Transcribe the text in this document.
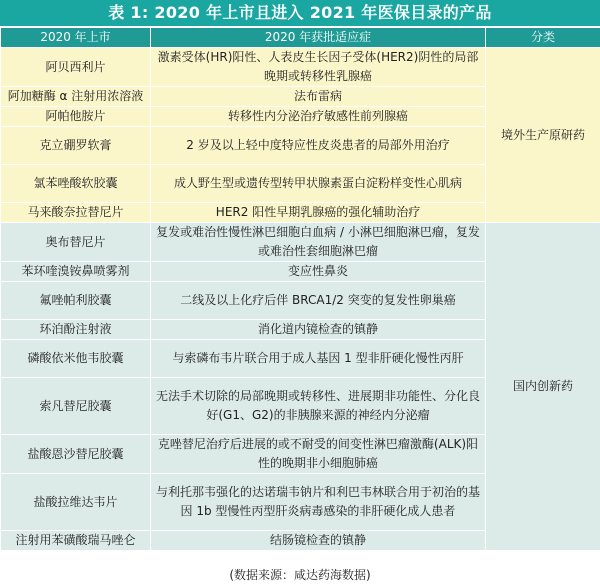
表 1: 2020 年上市且进入 2021 年医保目录的产品
2020 年上市	2020 年获批适应症	分类
阿贝西利片	激素受体(HR)阳性、人表皮生长因子受体(HER2)阴性的局部晚期或转移性乳腺癌	境外生产原研药
阿加糖酶 α 注射用浓溶液	法布雷病	
阿帕他胺片	转移性内分泌治疗敏感性前列腺癌	
克立硼罗软膏	2 岁及以上轻中度特应性皮炎患者的局部外用治疗	
氯苯唑酸软胶囊	成人野生型或遗传型转甲状腺素蛋白淀粉样变性心肌病	
马来酸奈拉替尼片	HER2 阳性早期乳腺癌的强化辅助治疗	
奥布替尼片	复发或难治性慢性淋巴细胞白血病 / 小淋巴细胞淋巴瘤，复发或难治性套细胞淋巴瘤	国内创新药
苯环喹溴铵鼻喷雾剂	变应性鼻炎	
氟唑帕利胶囊	二线及以上化疗后伴 BRCA1/2 突变的复发性卵巢癌	
环泊酚注射液	消化道内镜检查的镇静	
磷酸依米他韦胶囊	与索磷布韦片联合用于成人基因 1 型非肝硬化慢性丙肝	
索凡替尼胶囊	无法手术切除的局部晚期或转移性、进展期非功能性、分化良好(G1、G2)的非胰腺来源的神经内分泌瘤	
盐酸恩沙替尼胶囊	克唑替尼治疗后进展的或不耐受的间变性淋巴瘤激酶(ALK)阳性的晚期非小细胞肺癌	
盐酸拉维达韦片	与利托那韦强化的达诺瑞韦钠片和利巴韦林联合用于初治的基因 1b 型慢性丙型肝炎病毒感染的非肝硬化成人患者	
注射用苯磺酸瑞马唑仑	结肠镜检查的镇静	
(数据来源：咸达药海数据)
